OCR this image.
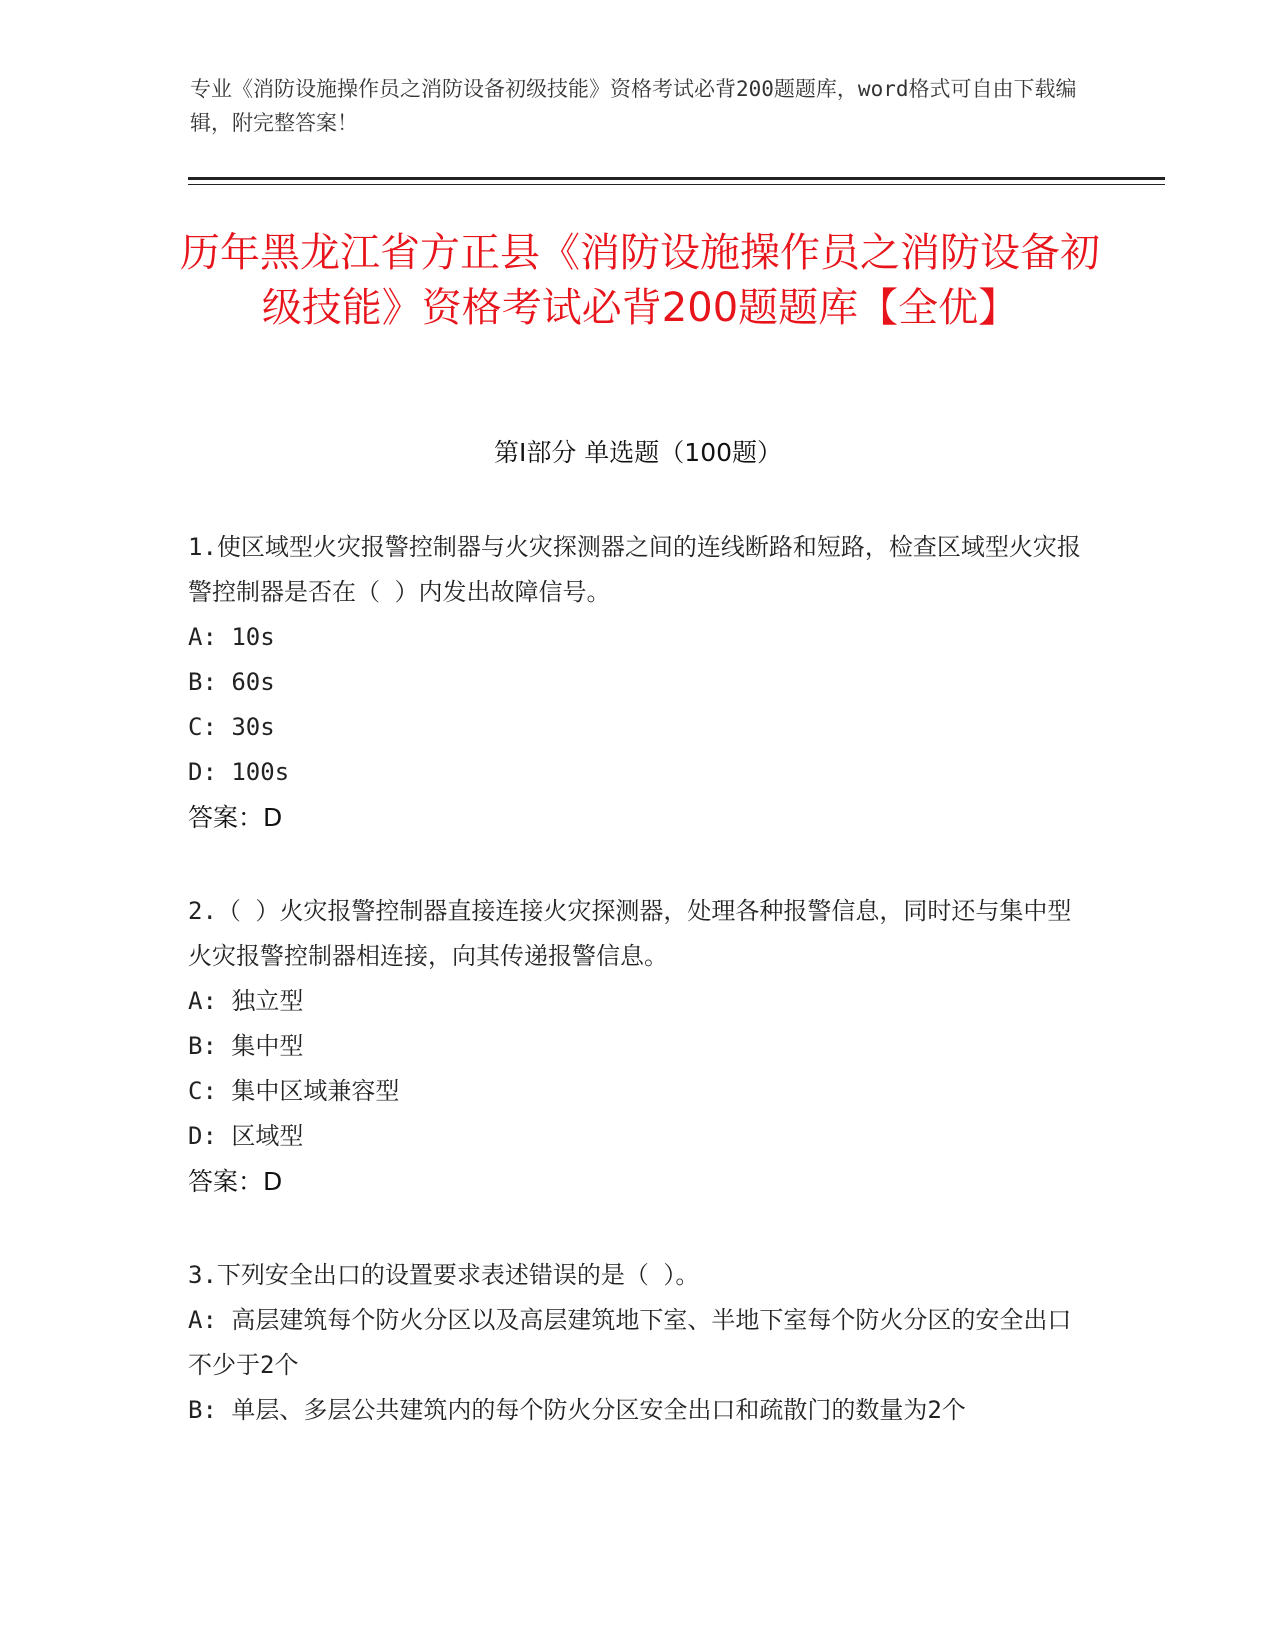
专业《消防设施操作员之消防设备初级技能》资格考试必背200题题库，word格式可自由下载编辑，附完整答案！
历年黑龙江省方正县《消防设施操作员之消防设备初级技能》资格考试必背200题题库【全优】
第I部分 单选题（100题）

1.使区域型火灾报警控制器与火灾探测器之间的连线断路和短路，检查区域型火灾报警控制器是否在（ ）内发出故障信号。

A: 10s

B: 60s

C: 30s

D: 100s

答案：D

2.（ ）火灾报警控制器直接连接火灾探测器，处理各种报警信息，同时还与集中型火灾报警控制器相连接，向其传递报警信息。

A: 独立型

B: 集中型

C: 集中区域兼容型

D: 区域型

答案：D

3.下列安全出口的设置要求表述错误的是（ ）。

A: 高层建筑每个防火分区以及高层建筑地下室、半地下室每个防火分区的安全出口不少于2个

B: 单层、多层公共建筑内的每个防火分区安全出口和疏散门的数量为2个
